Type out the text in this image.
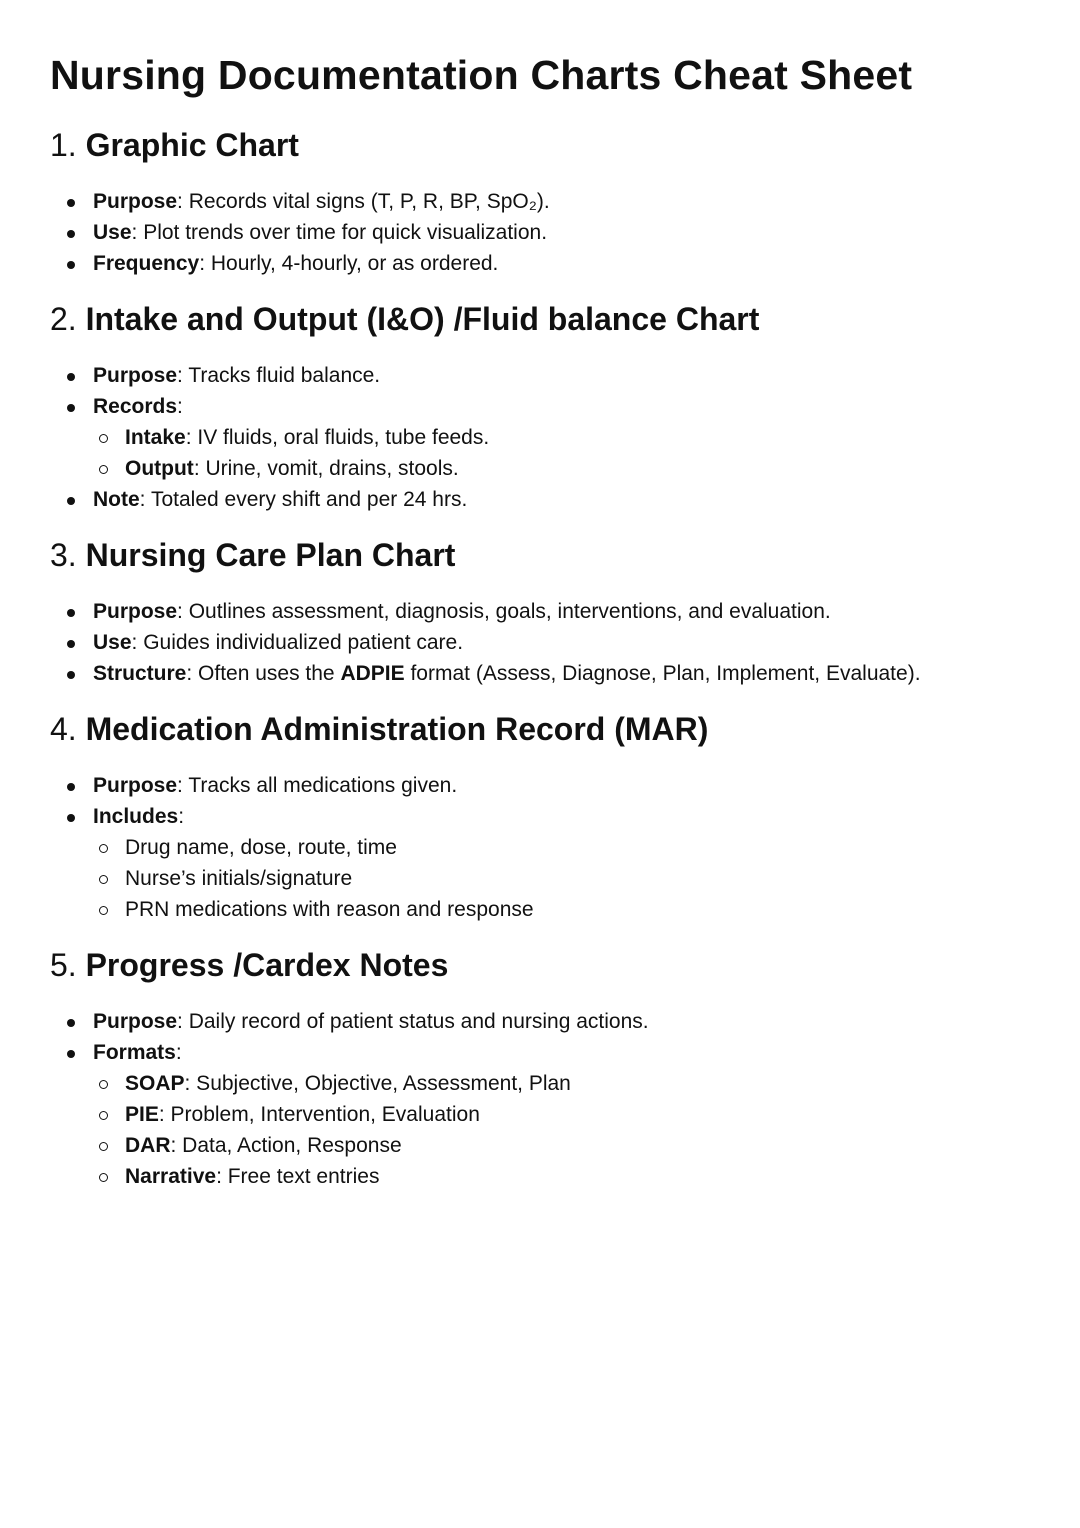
Nursing Documentation Charts Cheat Sheet
1. Graphic Chart
Purpose: Records vital signs (T, P, R, BP, SpO₂).
Use: Plot trends over time for quick visualization.
Frequency: Hourly, 4-hourly, or as ordered.
2. Intake and Output (I&O) /Fluid balance Chart
Purpose: Tracks fluid balance.
Records:
Intake: IV fluids, oral fluids, tube feeds.
Output: Urine, vomit, drains, stools.
Note: Totaled every shift and per 24 hrs.
3. Nursing Care Plan Chart
Purpose: Outlines assessment, diagnosis, goals, interventions, and evaluation.
Use: Guides individualized patient care.
Structure: Often uses the ADPIE format (Assess, Diagnose, Plan, Implement, Evaluate).
4. Medication Administration Record (MAR)
Purpose: Tracks all medications given.
Includes:
Drug name, dose, route, time
Nurse’s initials/signature
PRN medications with reason and response
5. Progress /Cardex Notes
Purpose: Daily record of patient status and nursing actions.
Formats:
SOAP: Subjective, Objective, Assessment, Plan
PIE: Problem, Intervention, Evaluation
DAR: Data, Action, Response
Narrative: Free text entries
